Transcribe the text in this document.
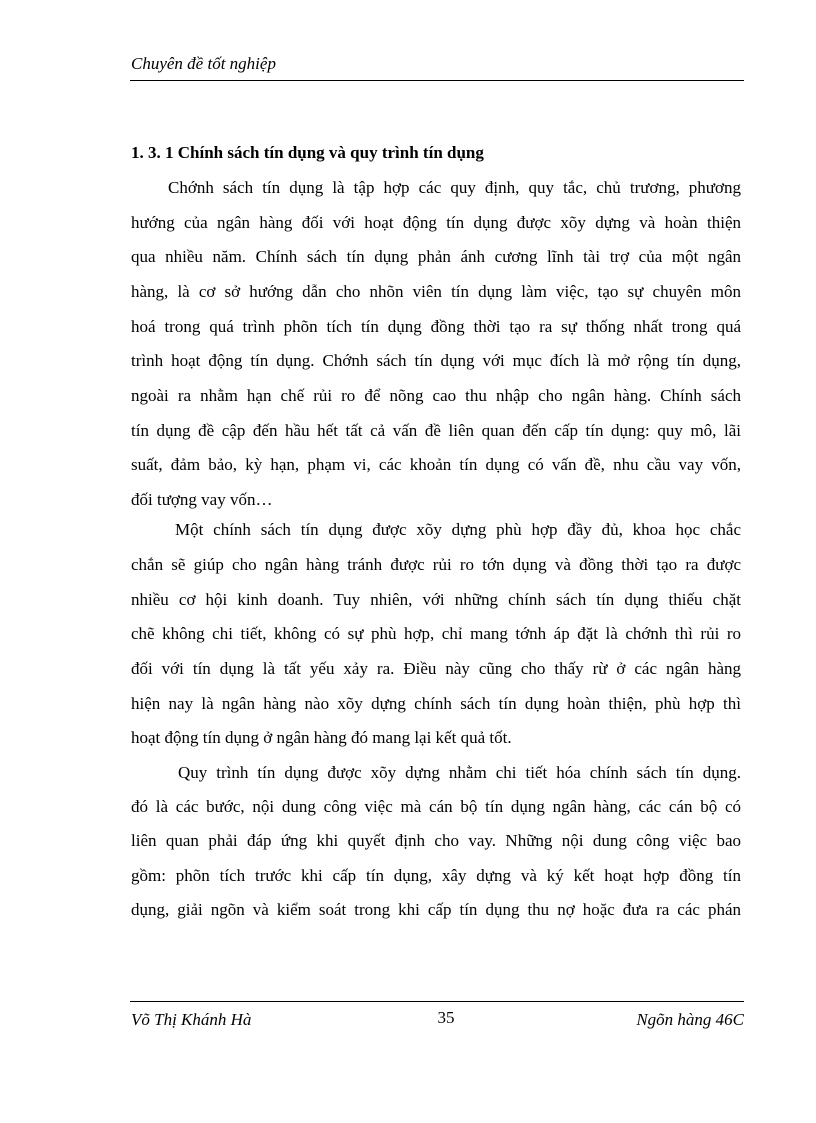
Chuyên đề tốt nghiệp
1. 3. 1 Chính sách tín dụng và quy trình tín dụng
Chớnh sách tín dụng là tập hợp các quy định, quy tắc, chủ trương, phương
hướng của ngân hàng đối với hoạt động tín dụng được xõy dựng và hoàn thiện
qua nhiều năm. Chính sách tín dụng phản ánh cương lĩnh tài trợ của một ngân
hàng, là cơ sở hướng dẫn cho nhõn viên tín dụng làm việc, tạo sự chuyên môn
hoá trong quá trình phõn tích tín dụng đồng thời tạo ra sự thống nhất trong quá
trình hoạt động tín dụng. Chớnh sách tín dụng với mục đích là mở rộng tín dụng,
ngoài ra nhằm hạn chế rủi ro để nõng cao thu nhập cho ngân hàng. Chính sách
tín dụng đề cập đến hầu hết tất cả vấn đề liên quan đến cấp tín dụng: quy mô, lãi
suất, đảm bảo, kỳ hạn, phạm vi, các khoản tín dụng có vấn đề, nhu cầu vay vốn,
đối tượng vay vốn…
Một chính sách tín dụng được xõy dựng phù hợp đầy đủ, khoa học chắc
chắn sẽ giúp cho ngân hàng tránh được rủi ro tớn dụng và đồng thời tạo ra được
nhiều cơ hội kinh doanh. Tuy nhiên, với những chính sách tín dụng thiếu chặt
chẽ không chi tiết, không có sự phù hợp, chỉ mang tớnh áp đặt là chớnh thì rủi ro
đối với tín dụng là tất yếu xảy ra. Điều này cũng cho thấy rừ ở các ngân hàng
hiện nay là ngân hàng nào xõy dựng chính sách tín dụng hoàn thiện, phù hợp thì
hoạt động tín dụng ở ngân hàng đó mang lại kết quả tốt.
Quy trình tín dụng được xõy dựng nhằm chi tiết hóa chính sách tín dụng.
đó là các bước, nội dung công việc mà cán bộ tín dụng ngân hàng, các cán bộ có
liên quan phải đáp ứng khi quyết định cho vay. Những nội dung công việc bao
gồm: phõn tích trước khi cấp tín dụng, xây dựng và ký kết hoạt hợp đồng tín
dụng, giải ngõn và kiểm soát trong khi cấp tín dụng thu nợ hoặc đưa ra các phán
Võ Thị Khánh Hà	35	Ngõn hàng 46C
